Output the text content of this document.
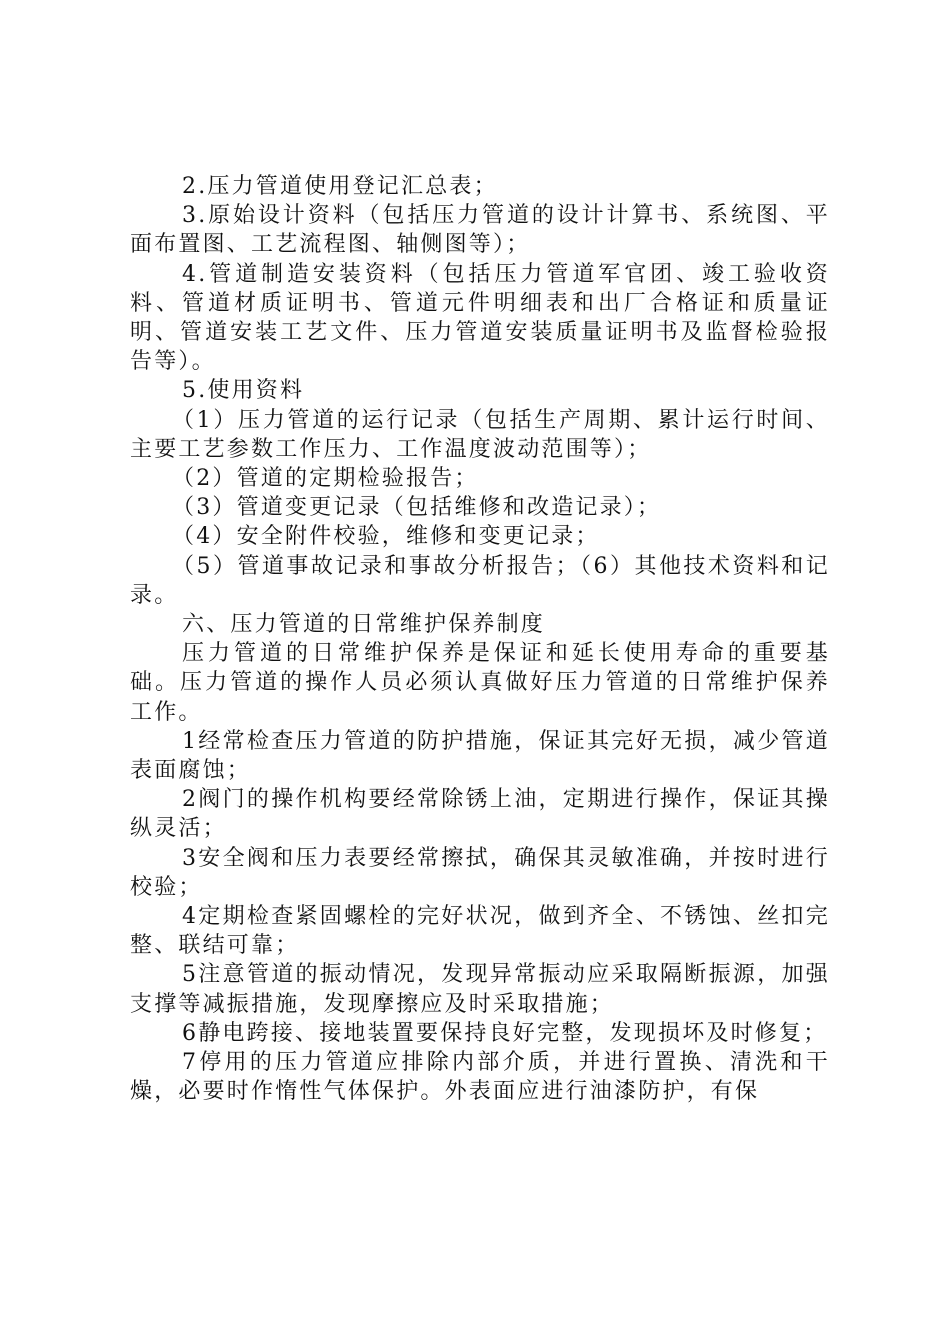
2.压力管道使用登记汇总表；

3.原始设计资料（包括压力管道的设计计算书、系统图、平面布置图、工艺流程图、轴侧图等）；

4.管道制造安装资料（包括压力管道军官团、竣工验收资料、管道材质证明书、管道元件明细表和出厂合格证和质量证明、管道安装工艺文件、压力管道安装质量证明书及监督检验报告等）。

5.使用资料

（1）压力管道的运行记录（包括生产周期、累计运行时间、主要工艺参数工作压力、工作温度波动范围等）；

（2）管道的定期检验报告；

（3）管道变更记录（包括维修和改造记录）；

（4）安全附件校验，维修和变更记录；

（5）管道事故记录和事故分析报告；（6）其他技术资料和记录。

六、压力管道的日常维护保养制度

压力管道的日常维护保养是保证和延长使用寿命的重要基础。压力管道的操作人员必须认真做好压力管道的日常维护保养工作。

1经常检查压力管道的防护措施，保证其完好无损，减少管道表面腐蚀；

2阀门的操作机构要经常除锈上油，定期进行操作，保证其操纵灵活；

3安全阀和压力表要经常擦拭，确保其灵敏准确，并按时进行校验；

4定期检查紧固螺栓的完好状况，做到齐全、不锈蚀、丝扣完整、联结可靠；

5注意管道的振动情况，发现异常振动应采取隔断振源，加强支撑等减振措施，发现摩擦应及时采取措施；

6静电跨接、接地装置要保持良好完整，发现损坏及时修复；

7停用的压力管道应排除内部介质，并进行置换、清洗和干燥，必要时作惰性气体保护。外表面应进行油漆防护，有保
